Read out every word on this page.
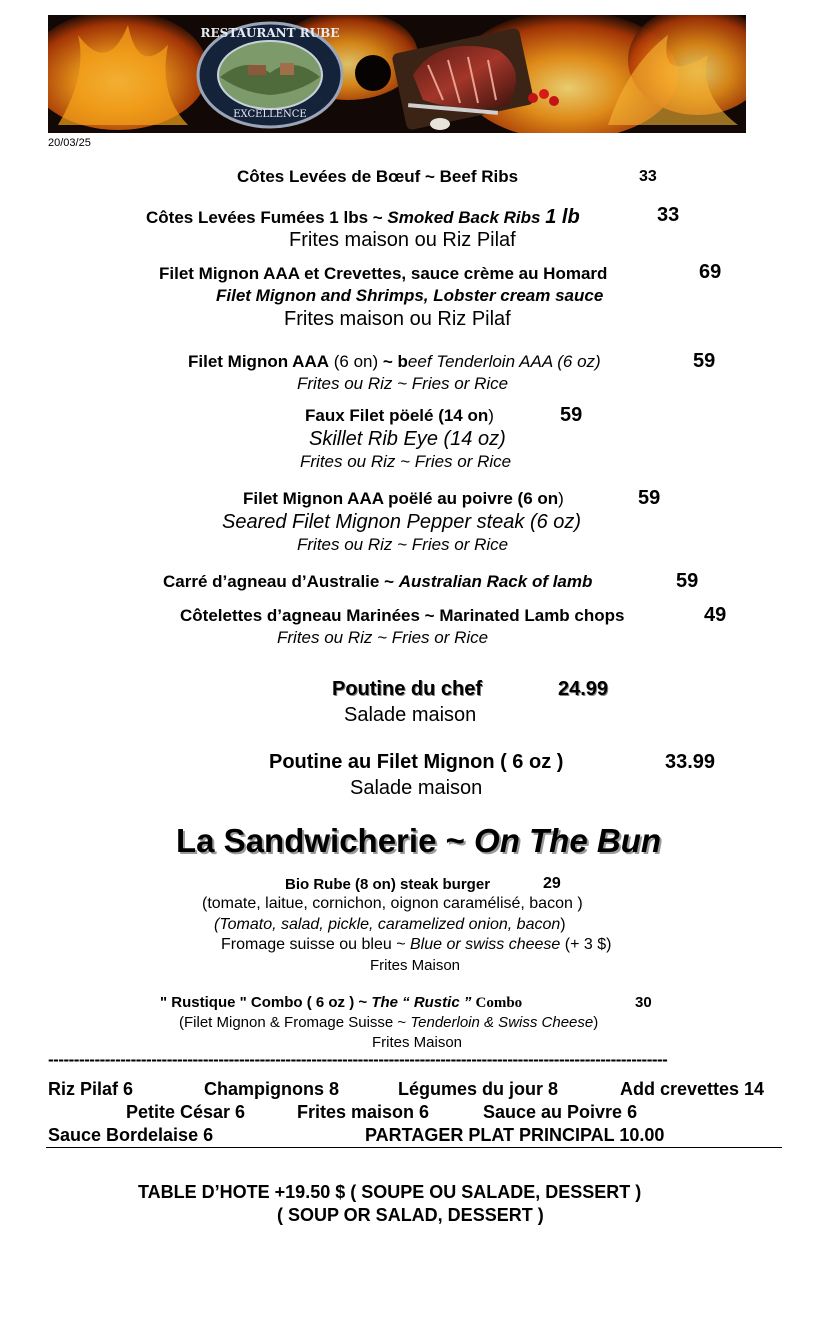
RESTAURANT RUBE
EXCELLENCE
20/03/25
Côtes Levées de Bœuf ~ Beef Ribs	33
Côtes Levées Fumées 1 lbs ~ Smoked Back Ribs 1 lb	33
Frites maison ou Riz Pilaf
Filet Mignon AAA et Crevettes, sauce crème au Homard	69
Filet Mignon and Shrimps, Lobster cream sauce
Frites maison ou Riz Pilaf
Filet Mignon AAA (6 on) ~ beef Tenderloin AAA (6 oz)	59
Frites ou Riz ~ Fries or Rice
Faux Filet pöelé (14 on)	59
Skillet Rib Eye (14 oz)
Frites ou Riz ~ Fries or Rice
Filet Mignon AAA poëlé au poivre (6 on)	59
Seared Filet Mignon Pepper steak (6 oz)
Frites ou Riz ~ Fries or Rice
Carré d’agneau d’Australie ~ Australian Rack of lamb	59
Côtelettes d’agneau Marinées ~ Marinated Lamb chops	49
Frites ou Riz ~ Fries or Rice
Poutine du chef	24.99
Salade maison
Poutine au Filet Mignon ( 6 oz )	33.99
Salade maison
La Sandwicherie ~ On The Bun
Bio Rube (8 on) steak burger	29
(tomate, laitue, cornichon, oignon caramélisé, bacon )
(Tomato, salad, pickle, caramelized onion, bacon)
Fromage suisse ou bleu ~ Blue or swiss cheese (+ 3 $)
Frites Maison
" Rustique " Combo ( 6 oz ) ~ The “ Rustic ” Combo	30
(Filet Mignon & Fromage Suisse ~ Tenderloin & Swiss Cheese)
Frites Maison
------------------------------------------------------------------------------------------------------------------------
Riz Pilaf 6	Champignons 8	Légumes du jour 8	Add crevettes 14
Petite César 6	Frites maison 6	Sauce au Poivre 6
Sauce Bordelaise 6	PARTAGER PLAT PRINCIPAL 10.00
TABLE D’HOTE +19.50 $ ( SOUPE OU SALADE, DESSERT )
( SOUP OR SALAD, DESSERT )
